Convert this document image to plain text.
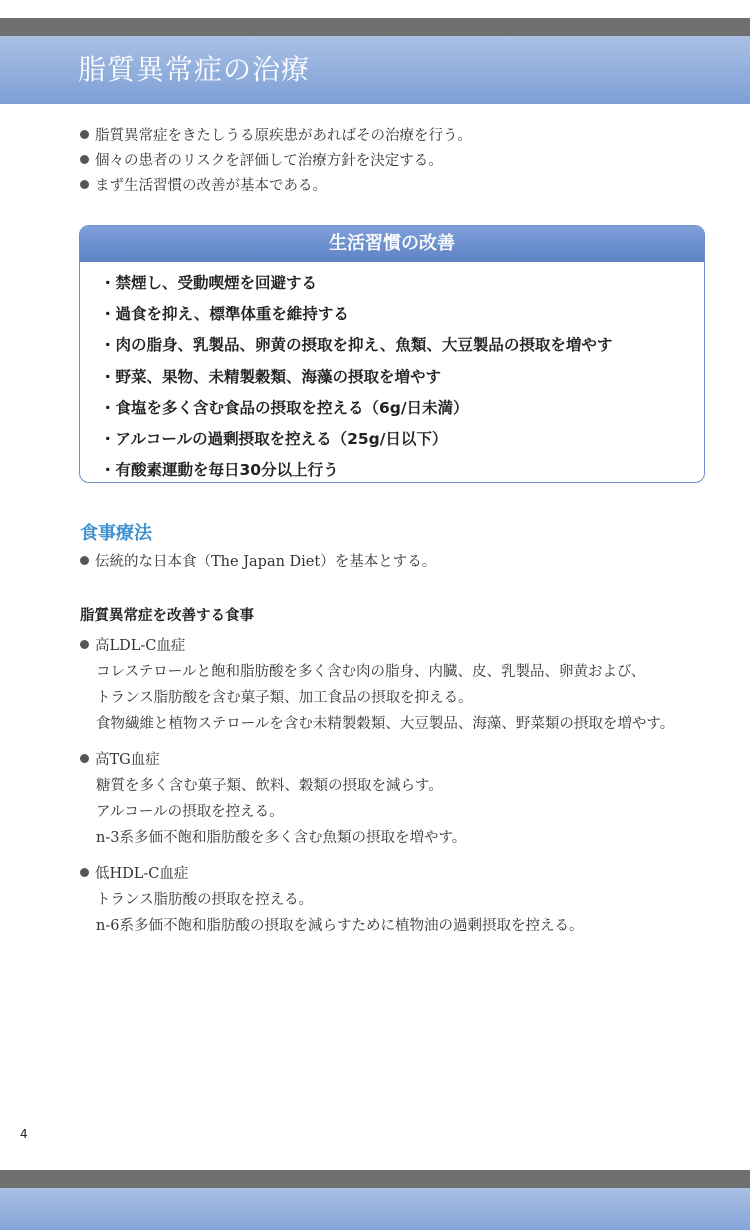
脂質異常症の治療
脂質異常症をきたしうる原疾患があればその治療を行う。
個々の患者のリスクを評価して治療方針を決定する。
まず生活習慣の改善が基本である。
生活習慣の改善
・禁煙し、受動喫煙を回避する
・過食を抑え、標準体重を維持する
・肉の脂身、乳製品、卵黄の摂取を抑え、魚類、大豆製品の摂取を増やす
・野菜、果物、未精製穀類、海藻の摂取を増やす
・食塩を多く含む食品の摂取を控える（6g/日未満）
・アルコールの過剰摂取を控える（25g/日以下）
・有酸素運動を毎日30分以上行う
食事療法
伝統的な日本食（The Japan Diet）を基本とする。
脂質異常症を改善する食事
高LDL-C血症
コレステロールと飽和脂肪酸を多く含む肉の脂身、内臓、皮、乳製品、卵黄および、
トランス脂肪酸を含む菓子類、加工食品の摂取を抑える。
食物繊維と植物ステロールを含む未精製穀類、大豆製品、海藻、野菜類の摂取を増やす。
高TG血症
糖質を多く含む菓子類、飲料、穀類の摂取を減らす。
アルコールの摂取を控える。
n-3系多価不飽和脂肪酸を多く含む魚類の摂取を増やす。
低HDL-C血症
トランス脂肪酸の摂取を控える。
n-6系多価不飽和脂肪酸の摂取を減らすために植物油の過剰摂取を控える。
4
